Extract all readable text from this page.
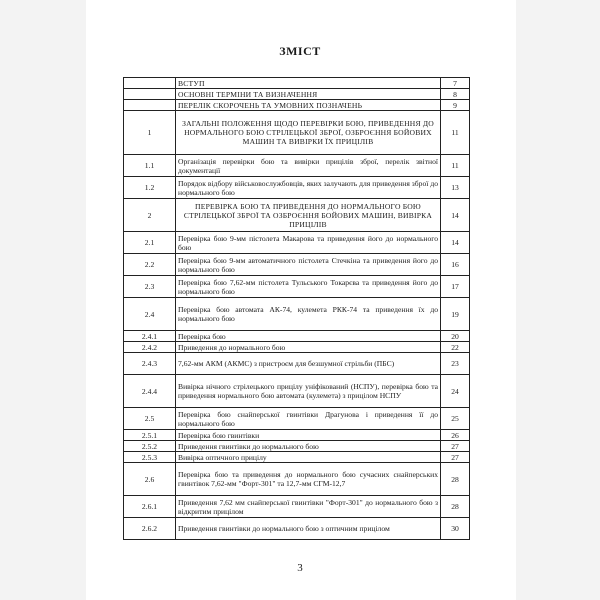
ЗМІСТ
	ВСТУП	7
	ОСНОВНІ ТЕРМІНИ ТА ВИЗНАЧЕННЯ	8
	ПЕРЕЛІК СКОРОЧЕНЬ ТА УМОВНИХ ПОЗНАЧЕНЬ	9
1	ЗАГАЛЬНІ ПОЛОЖЕННЯ ЩОДО ПЕРЕВІРКИ БОЮ, ПРИВЕДЕННЯ ДО НОРМАЛЬНОГО БОЮ СТРІЛЕЦЬКОЇ ЗБРОЇ, ОЗБРОЄННЯ БОЙОВИХ МАШИН ТА ВИВІРКИ ЇХ ПРИЦІЛІВ	11
1.1	Організація перевірки бою та вивірки прицілів зброї, перелік звітної документації	11
1.2	Порядок відбору військовослужбовців, яких залучають для приведення зброї до нормального бою	13
2	ПЕРЕВІРКА БОЮ ТА ПРИВЕДЕННЯ ДО НОРМАЛЬНОГО БОЮ СТРІЛЕЦЬКОЇ ЗБРОЇ ТА ОЗБРОЄННЯ БОЙОВИХ МАШИН, ВИВІРКА ПРИЦІЛІВ	14
2.1	Перевірка бою 9-мм пістолета Макарова та приведення його до нормального бою	14
2.2	Перевірка бою 9-мм автоматичного пістолета Стечкіна та приведення його до нормального бою	16
2.3	Перевірка бою 7,62-мм пістолета Тульського Токарєва та приведення його до нормального бою	17
2.4	Перевірка бою автомата АК-74, кулемета РКК-74 та приведення їх до нормального бою	19
2.4.1	Перевірка бою	20
2.4.2	Приведення до нормального бою	22
2.4.3	7,62-мм АКМ (АКМС) з пристроєм для безшумної стрільби (ПБС)	23
2.4.4	Вивірка нічного стрілецького прицілу уніфікований (НСПУ), перевірка бою та приведення нормального бою автомата (кулемета) з прицілом НСПУ	24
2.5	Перевірка бою снайперської гвинтівки Драгунова і приведення її до нормального бою	25
2.5.1	Перевірка бою гвинтівки	26
2.5.2	Приведення гвинтівки до нормального бою	27
2.5.3	Вивірка оптичного прицілу	27
2.6	Перевірка бою та приведення до нормального бою сучасних снайперських гвинтівок 7,62-мм "Форт-301" та 12,7-мм СГМ-12,7	28
2.6.1	Приведення 7,62 мм снайперської гвинтівки "Форт-301" до нормального бою з відкритим прицілом	28
2.6.2	Приведення гвинтівки до нормального бою з оптичним прицілом	30
3
